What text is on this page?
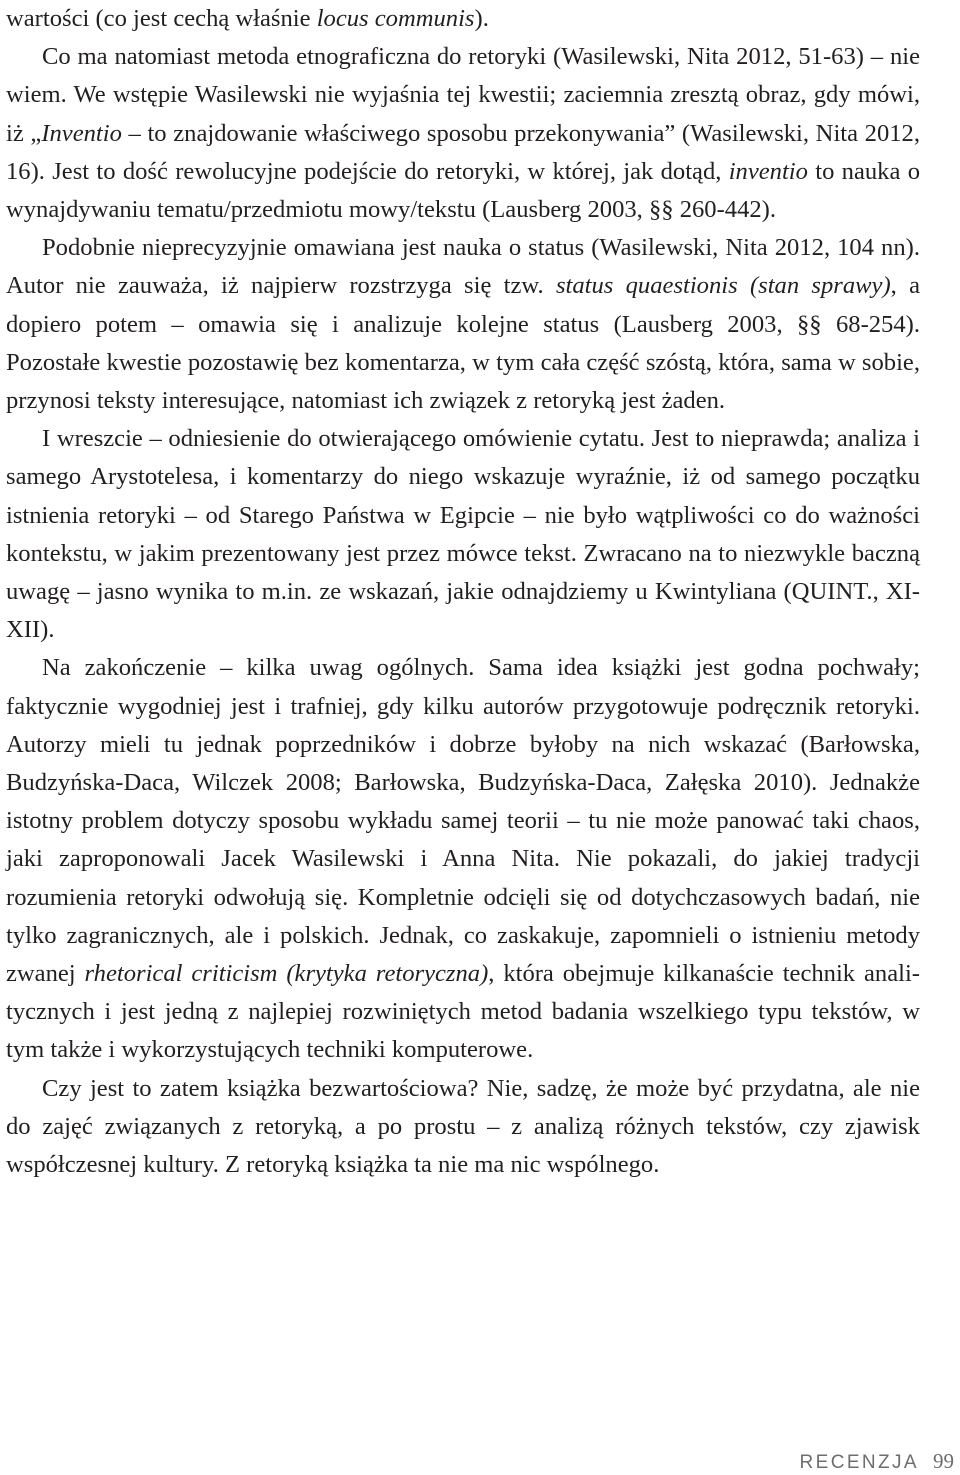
wartości (co jest cechą właśnie locus communis).

Co ma natomiast metoda etnograficzna do retoryki (Wasilewski, Nita 2012, 51-63) – nie wiem. We wstępie Wasilewski nie wyjaśnia tej kwestii; zaciemnia zresztą obraz, gdy mówi, iż „Inventio – to znajdowanie właściwego sposobu przekonywania” (Wasilewski, Nita 2012, 16). Jest to dość rewolucyjne podejście do retoryki, w której, jak dotąd, inventio to nauka o wynajdywaniu tematu/przedmiotu mowy/tekstu (Lausberg 2003, §§ 260-442).

Podobnie nieprecyzyjnie omawiana jest nauka o status (Wasilewski, Nita 2012, 104 nn). Autor nie zauważa, iż najpierw rozstrzyga się tzw. status quaestionis (stan sprawy), a dopiero potem – omawia się i analizuje kolejne status (Lausberg 2003, §§ 68-254). Pozostałe kwestie pozostawię bez komentarza, w tym cała część szóstą, która, sama w sobie, przynosi teksty interesujące, natomiast ich związek z retoryką jest żaden.

I wreszcie – odniesienie do otwierającego omówienie cytatu. Jest to nieprawda; analiza i samego Arystotelesa, i komentarzy do niego wskazuje wyraźnie, iż od samego początku istnienia retoryki – od Starego Państwa w Egipcie – nie było wątpliwości co do ważności kontekstu, w jakim prezentowany jest przez mówce tekst. Zwracano na to niezwykle baczną uwagę – jasno wynika to m.in. ze wskazań, jakie odnajdziemy u Kwintyliana (QUINT., XI-XII).

Na zakończenie – kilka uwag ogólnych. Sama idea książki jest godna pochwały; faktycznie wygodniej jest i trafniej, gdy kilku autorów przygotowuje podręcznik retoryki. Autorzy mieli tu jednak poprzedników i dobrze byłoby na nich wskazać (Barłowska, Budzyńska-Daca, Wilczek 2008; Barłowska, Budzyńska-Daca, Załęska 2010). Jednakże istotny problem dotyczy sposobu wykładu samej teorii – tu nie może panować taki chaos, jaki zaproponowali Jacek Wasilewski i Anna Nita. Nie pokazali, do jakiej tradycji rozumienia retoryki odwołują się. Kompletnie odcięli się od dotychczasowych badań, nie tylko zagranicznych, ale i polskich. Jednak, co zaskakuje, zapomnieli o istnieniu metody zwanej rhetorical criticism (krytyka retoryczna), która obejmuje kilkanaście technik analitycznych i jest jedną z najlepiej rozwiniętych metod badania wszelkiego typu tekstów, w tym także i wykorzystujących techniki komputerowe.

Czy jest to zatem książka bezwartościowa? Nie, sadzę, że może być przydatna, ale nie do zajęć związanych z retoryką, a po prostu – z analizą różnych tekstów, czy zjawisk współczesnej kultury. Z retoryką książka ta nie ma nic wspólnego.

RECENZJA 99
